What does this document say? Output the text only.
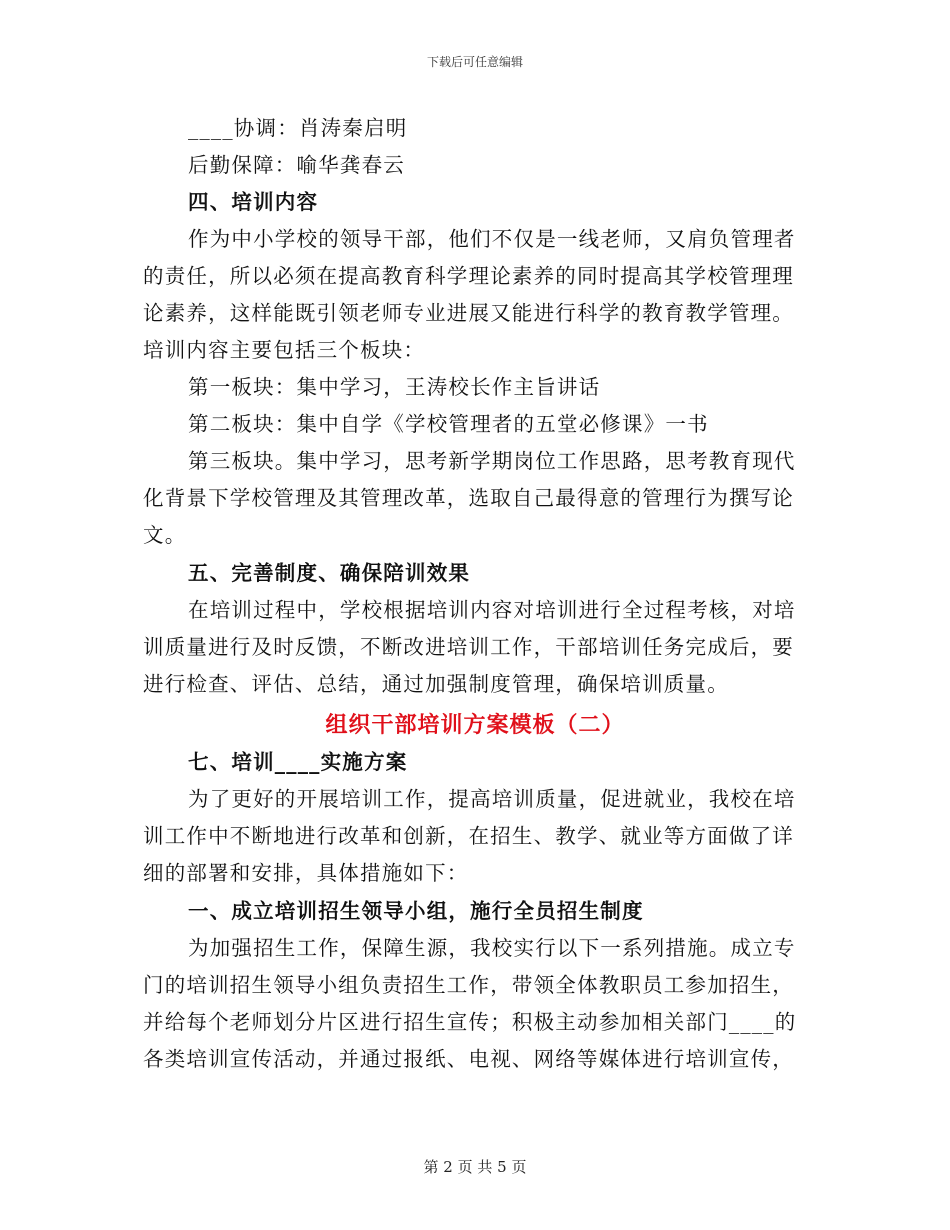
下载后可任意编辑
____协调：肖涛秦启明
后勤保障：喻华龚春云
四、培训内容
作为中小学校的领导干部，他们不仅是一线老师，又肩负管理者
的责任，所以必须在提高教育科学理论素养的同时提高其学校管理理
论素养，这样能既引领老师专业进展又能进行科学的教育教学管理。
培训内容主要包括三个板块：
第一板块：集中学习，王涛校长作主旨讲话
第二板块：集中自学《学校管理者的五堂必修课》一书
第三板块。集中学习，思考新学期岗位工作思路，思考教育现代
化背景下学校管理及其管理改革，选取自己最得意的管理行为撰写论
文。
五、完善制度、确保陪训效果
在培训过程中，学校根据培训内容对培训进行全过程考核，对培
训质量进行及时反馈，不断改进培训工作，干部培训任务完成后，要
进行检查、评估、总结，通过加强制度管理，确保培训质量。
组织干部培训方案模板（二）
七、培训____实施方案
为了更好的开展培训工作，提高培训质量，促进就业，我校在培
训工作中不断地进行改革和创新，在招生、教学、就业等方面做了详
细的部署和安排，具体措施如下：
一、成立培训招生领导小组，施行全员招生制度
为加强招生工作，保障生源，我校实行以下一系列措施。成立专
门的培训招生领导小组负责招生工作，带领全体教职员工参加招生，
并给每个老师划分片区进行招生宣传；积极主动参加相关部门____的
各类培训宣传活动，并通过报纸、电视、网络等媒体进行培训宣传，
第 2 页 共 5 页
